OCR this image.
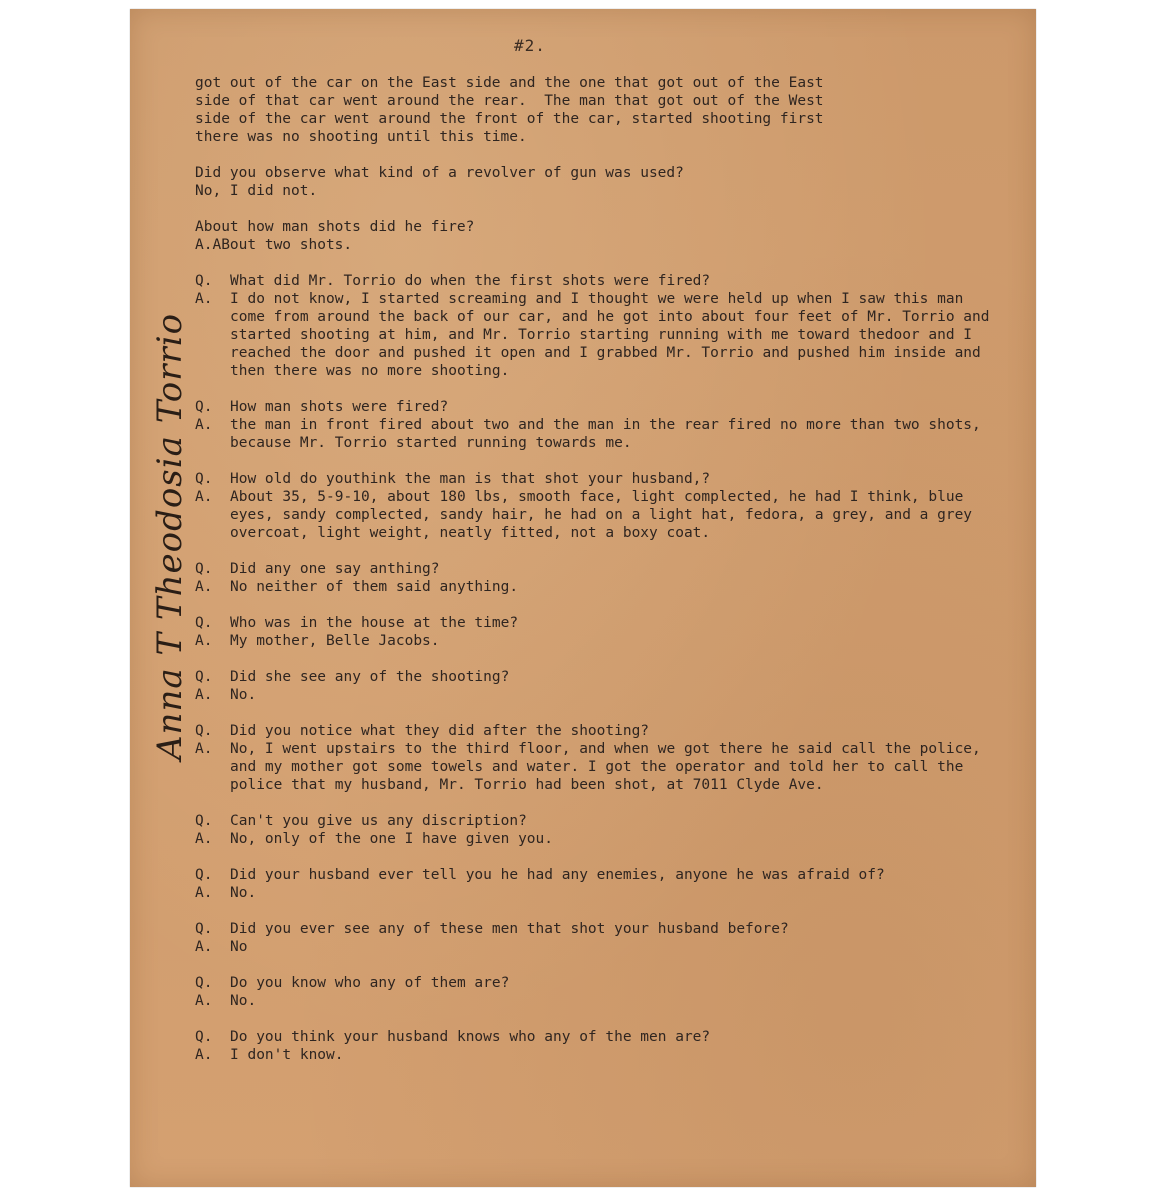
#2.

Anna T Theodosia Torrio

got out of the car on the East side and the one that got out of the East

side of that car went around the rear.  The man that got out of the West

side of the car went around the front of the car, started shooting first

there was no shooting until this time.

Did you observe what kind of a revolver of gun was used?

No, I did not.

About how man shots did he fire?

A.ABout two shots.

Q.	What did Mr. Torrio do when the first shots were fired?
A.	I do not know, I started screaming and I thought we were held up when I saw this man come from around the back of our car, and he got into about four feet of Mr. Torrio and started shooting at him, and Mr. Torrio starting running with me toward thedoor and I reached the door and pushed it open and I grabbed Mr. Torrio and pushed him inside and then there was no more shooting.
Q.	How man shots were fired?
A.	the man in front fired about two and the man in the rear fired no more than two shots, because Mr. Torrio started running towards me.
Q.	How old do youthink the man is that shot your husband,?
A.	About 35, 5-9-10, about 180 lbs, smooth face, light complected, he had I think, blue eyes, sandy complected, sandy hair, he had on a light hat, fedora, a grey, and a grey overcoat, light weight, neatly fitted, not a boxy coat.
Q.	Did any one say anthing?
A.	No neither of them said anything.
Q.	Who was in the house at the time?
A.	My mother, Belle Jacobs.
Q.	Did she see any of the shooting?
A.	No.
Q.	Did you notice what they did after the shooting?
A.	No, I went upstairs to the third floor, and when we got there he said call the police, and my mother got some towels and water. I got the operator and told her to call the police that my husband, Mr. Torrio had been shot, at 7011 Clyde Ave.
Q.	Can't you give us any discription?
A.	No, only of the one I have given you.
Q.	Did your husband ever tell you he had any enemies, anyone he was afraid of?
A.	No.
Q.	Did you ever see any of these men that shot your husband before?
A.	No
Q.	Do you know who any of them are?
A.	No.
Q.	Do you think your husband knows who any of the men are?
A.	I don't know.
